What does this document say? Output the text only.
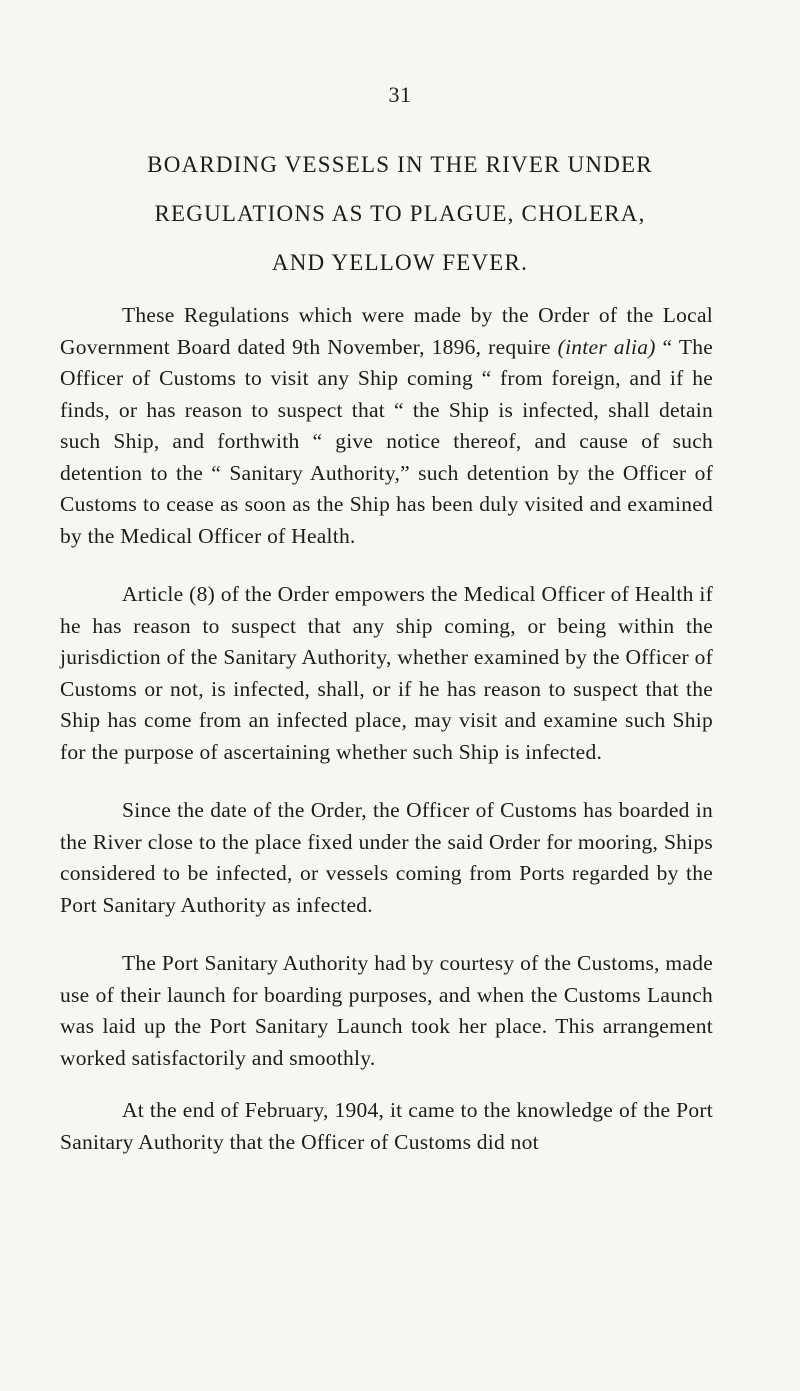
31
BOARDING VESSELS IN THE RIVER UNDER
REGULATIONS AS TO PLAGUE, CHOLERA,
AND YELLOW FEVER.

These Regulations which were made by the Order of the Local Government Board dated 9th November, 1896, require (inter alia) “ The Officer of Customs to visit any Ship coming “ from foreign, and if he finds, or has reason to suspect that “ the Ship is infected, shall detain such Ship, and forthwith “ give notice thereof, and cause of such detention to the “ Sanitary Authority,” such detention by the Officer of Customs to cease as soon as the Ship has been duly visited and examined by the Medical Officer of Health.

Article (8) of the Order empowers the Medical Officer of Health if he has reason to suspect that any ship coming, or being within the jurisdiction of the Sanitary Authority, whether examined by the Officer of Customs or not, is infected, shall, or if he has reason to suspect that the Ship has come from an infected place, may visit and examine such Ship for the purpose of ascertaining whether such Ship is infected.

Since the date of the Order, the Officer of Customs has boarded in the River close to the place fixed under the said Order for mooring, Ships considered to be infected, or vessels coming from Ports regarded by the Port Sanitary Authority as infected.

The Port Sanitary Authority had by courtesy of the Customs, made use of their launch for boarding purposes, and when the Customs Launch was laid up the Port Sanitary Launch took her place. This arrangement worked satisfactorily and smoothly.

At the end of February, 1904, it came to the knowledge of the Port Sanitary Authority that the Officer of Customs did not
